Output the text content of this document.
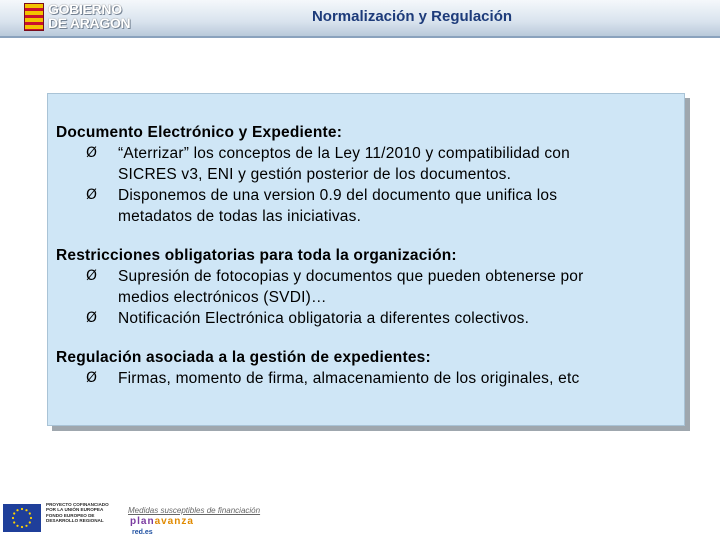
GOBIERNO
DE ARAGON	Normalización y Regulación
Documento Electrónico y Expediente:
Ø	“Aterrizar” los conceptos de la Ley 11/2010 y compatibilidad con
SICRES v3, ENI y gestión posterior de los documentos.
Ø	Disponemos de una version 0.9 del documento que unifica los
metadatos de todas las iniciativas.
Restricciones obligatorias para toda la organización:
Ø	Supresión de fotocopias y documentos que pueden obtenerse por
medios electrónicos (SVDI)…
Ø	Notificación Electrónica obligatoria a diferentes colectivos.
Regulación asociada a la gestión de expedientes:
Ø	Firmas, momento de firma, almacenamiento de los originales, etc
PROYECTO COFINANCIADO
POR LA UNIÓN EUROPEA
FONDO EUROPEO DE
DESARROLLO REGIONAL
Medidas susceptibles de financiación
planavanza
red.es
